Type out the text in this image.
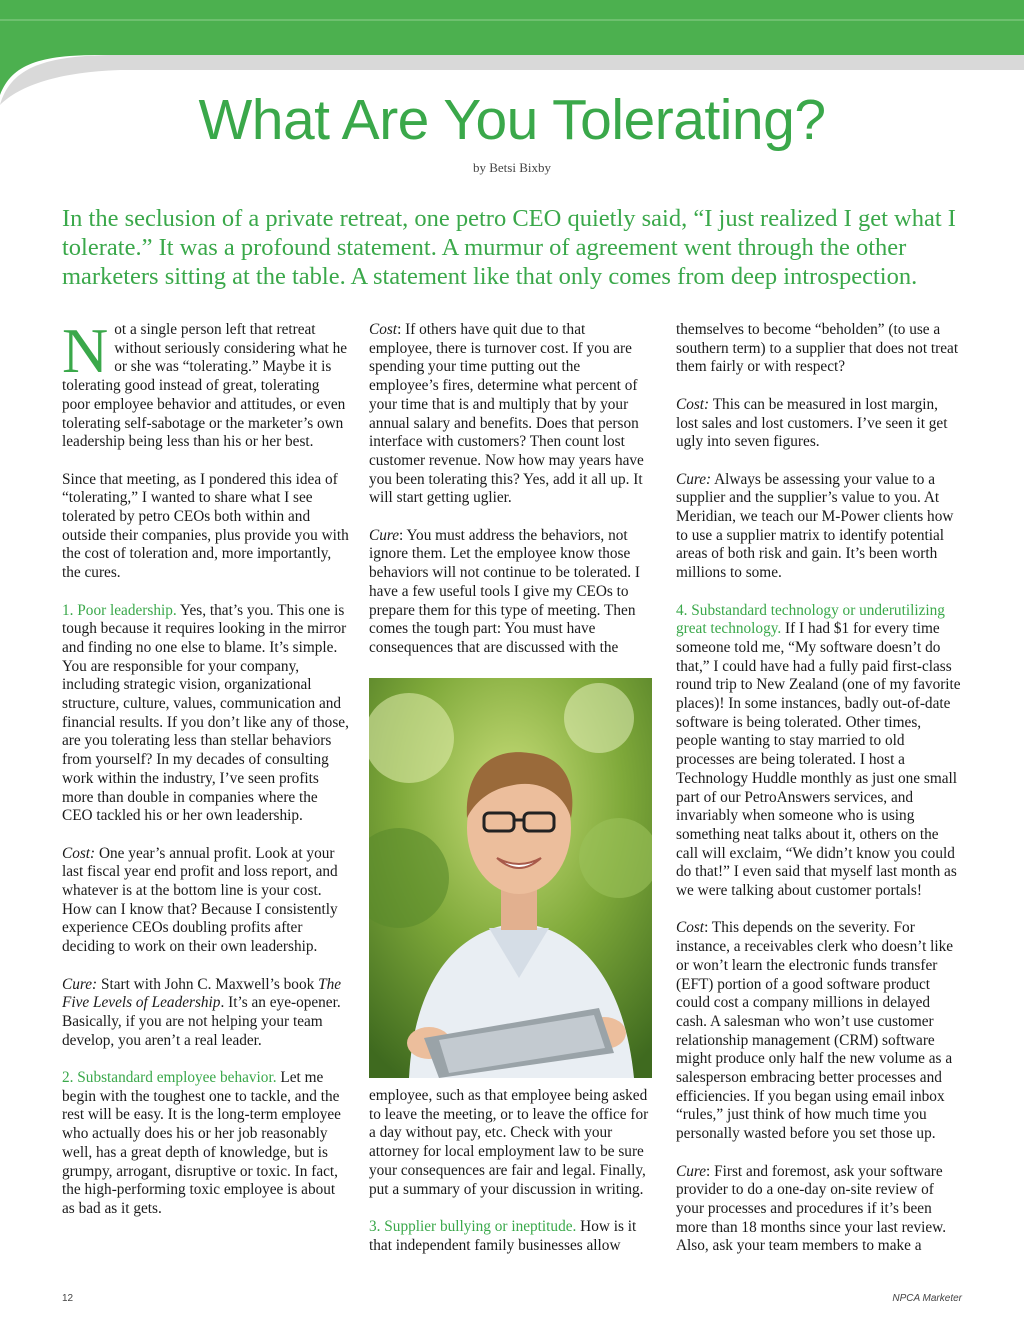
What Are You Tolerating?
by Betsi Bixby

In the seclusion of a private retreat, one petro CEO quietly said, “I just realized I get what I tolerate.” It was a profound statement. A murmur of agreement went through the other marketers sitting at the table. A statement like that only comes from deep introspection.

Not a single person left that retreat without seriously considering what he or she was “tolerating.” Maybe it is tolerating good instead of great, tolerating poor employee behavior and attitudes, or even tolerating self-sabotage or the marketer’s own leadership being less than his or her best.

Since that meeting, as I pondered this idea of “tolerating,” I wanted to share what I see tolerated by petro CEOs both within and outside their companies, plus provide you with the cost of toleration and, more importantly, the cures.

1. Poor leadership. Yes, that’s you. This one is tough because it requires looking in the mirror and finding no one else to blame. It’s simple. You are responsible for your company, including strategic vision, organizational structure, culture, values, communication and financial results. If you don’t like any of those, are you tolerating less than stellar behaviors from yourself? In my decades of consulting work within the industry, I’ve seen profits more than double in companies where the CEO tackled his or her own leadership.

Cost: One year’s annual profit. Look at your last fiscal year end profit and loss report, and whatever is at the bottom line is your cost. How can I know that? Because I consistently experience CEOs doubling profits after deciding to work on their own leadership.

Cure: Start with John C. Maxwell’s book The Five Levels of Leadership. It’s an eye-opener. Basically, if you are not helping your team develop, you aren’t a real leader.

2. Substandard employee behavior. Let me begin with the toughest one to tackle, and the rest will be easy. It is the long-term employee who actually does his or her job reasonably well, has a great depth of knowledge, but is grumpy, arrogant, disruptive or toxic. In fact, the high-performing toxic employee is about as bad as it gets.

Cost: If others have quit due to that employee, there is turnover cost. If you are spending your time putting out the employee’s fires, determine what percent of your time that is and multiply that by your annual salary and benefits. Does that person interface with customers? Then count lost customer revenue. Now how may years have you been tolerating this? Yes, add it all up. It will start getting uglier.

Cure: You must address the behaviors, not ignore them. Let the employee know those behaviors will not continue to be tolerated. I have a few useful tools I give my CEOs to prepare them for this type of meeting. Then comes the tough part: You must have consequences that are discussed with the

employee, such as that employee being asked to leave the meeting, or to leave the office for a day without pay, etc. Check with your attorney for local employment law to be sure your consequences are fair and legal. Finally, put a summary of your discussion in writing.

3. Supplier bullying or ineptitude. How is it that independent family businesses allow

themselves to become “beholden” (to use a southern term) to a supplier that does not treat them fairly or with respect?

Cost: This can be measured in lost margin, lost sales and lost customers. I’ve seen it get ugly into seven figures.

Cure: Always be assessing your value to a supplier and the supplier’s value to you. At Meridian, we teach our M-Power clients how to use a supplier matrix to identify potential areas of both risk and gain. It’s been worth millions to some.

4. Substandard technology or underutilizing great technology. If I had $1 for every time someone told me, “My software doesn’t do that,” I could have had a fully paid first-class round trip to New Zealand (one of my favorite places)! In some instances, badly out-of-date software is being tolerated. Other times, people wanting to stay married to old processes are being tolerated. I host a Technology Huddle monthly as just one small part of our PetroAnswers services, and invariably when someone who is using something neat talks about it, others on the call will exclaim, “We didn’t know you could do that!” I even said that myself last month as we were talking about customer portals!

Cost: This depends on the severity. For instance, a receivables clerk who doesn’t like or won’t learn the electronic funds transfer (EFT) portion of a good software product could cost a company millions in delayed cash. A salesman who won’t use customer relationship management (CRM) software might produce only half the new volume as a salesperson embracing better processes and efficiencies. If you began using email inbox “rules,” just think of how much time you personally wasted before you set those up.

Cure: First and foremost, ask your software provider to do a one-day on-site review of your processes and procedures if it’s been more than 18 months since your last review. Also, ask your team members to make a

12	NPCA Marketer
